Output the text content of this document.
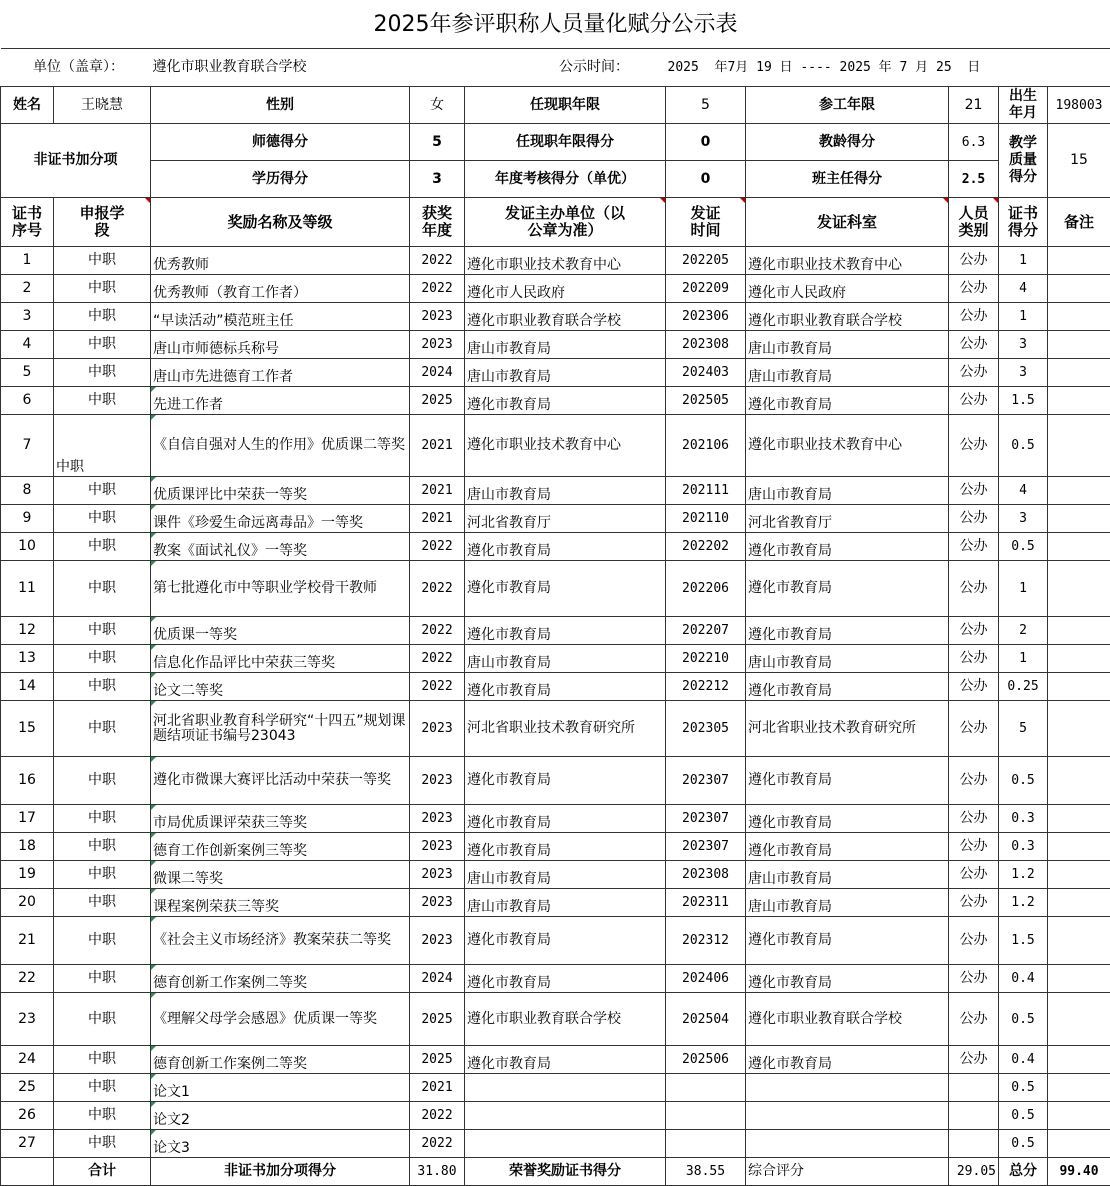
2025年参评职称人员量化赋分公示表									
单位（盖章）：		遵化市职业教育联合学校		公示时间：	2025  年7月 19 日 ---- 2025 年 7 月 25  日				
姓名	王晓慧	性别	女	任现职年限	5	参工年限	21	出生年月	198003
非证书加分项		师德得分	5	任现职年限得分	0	教龄得分	6.3	教学质量得分	15
		学历得分	3	年度考核得分（单优）	0	班主任得分	2.5		
证书序号	申报学段	奖励名称及等级	获奖年度	发证主办单位（以公章为准）	发证时间	发证科室	人员类别	证书得分	备注
1	中职	优秀教师	2022	遵化市职业技术教育中心	202205	遵化市职业技术教育中心	公办	1	
2	中职	优秀教师（教育工作者）	2022	遵化市人民政府	202209	遵化市人民政府	公办	4	
3	中职	“早读活动”模范班主任	2023	遵化市职业教育联合学校	202306	遵化市职业教育联合学校	公办	1	
4	中职	唐山市师德标兵称号	2023	唐山市教育局	202308	唐山市教育局	公办	3	
5	中职	唐山市先进德育工作者	2024	唐山市教育局	202403	唐山市教育局	公办	3	
6	中职	先进工作者	2025	遵化市教育局	202505	遵化市教育局	公办	1.5	
7	中职	《自信自强对人生的作用》优质课二等奖	2021	遵化市职业技术教育中心	202106	遵化市职业技术教育中心	公办	0.5	
8	中职	优质课评比中荣获一等奖	2021	唐山市教育局	202111	唐山市教育局	公办	4	
9	中职	课件《珍爱生命远离毒品》一等奖	2021	河北省教育厅	202110	河北省教育厅	公办	3	
10	中职	教案《面试礼仪》一等奖	2022	遵化市教育局	202202	遵化市教育局	公办	0.5	
11	中职	第七批遵化市中等职业学校骨干教师	2022	遵化市教育局	202206	遵化市教育局	公办	1	
12	中职	优质课一等奖	2022	遵化市教育局	202207	遵化市教育局	公办	2	
13	中职	信息化作品评比中荣获三等奖	2022	唐山市教育局	202210	唐山市教育局	公办	1	
14	中职	论文二等奖	2022	遵化市教育局	202212	遵化市教育局	公办	0.25	
15	中职	河北省职业教育科学研究“十四五”规划课题结项证书编号23043	2023	河北省职业技术教育研究所	202305	河北省职业技术教育研究所	公办	5	
16	中职	遵化市微课大赛评比活动中荣获一等奖	2023	遵化市教育局	202307	遵化市教育局	公办	0.5	
17	中职	市局优质课评荣获三等奖	2023	遵化市教育局	202307	遵化市教育局	公办	0.3	
18	中职	德育工作创新案例三等奖	2023	遵化市教育局	202307	遵化市教育局	公办	0.3	
19	中职	微课二等奖	2023	唐山市教育局	202308	唐山市教育局	公办	1.2	
20	中职	课程案例荣获三等奖	2023	唐山市教育局	202311	唐山市教育局	公办	1.2	
21	中职	《社会主义市场经济》教案荣获二等奖	2023	遵化市教育局	202312	遵化市教育局	公办	1.5	
22	中职	德育创新工作案例二等奖	2024	遵化市教育局	202406	遵化市教育局	公办	0.4	
23	中职	《理解父母学会感恩》优质课一等奖	2025	遵化市职业教育联合学校	202504	遵化市职业教育联合学校	公办	0.5	
24	中职	德育创新工作案例二等奖	2025	遵化市教育局	202506	遵化市教育局	公办	0.4	
25	中职	论文1	2021					0.5	
26	中职	论文2	2022					0.5	
27	中职	论文3	2022					0.5	
	合计	非证书加分项得分	31.80	荣誉奖励证书得分	38.55	综合评分	29.05	总分	99.40
